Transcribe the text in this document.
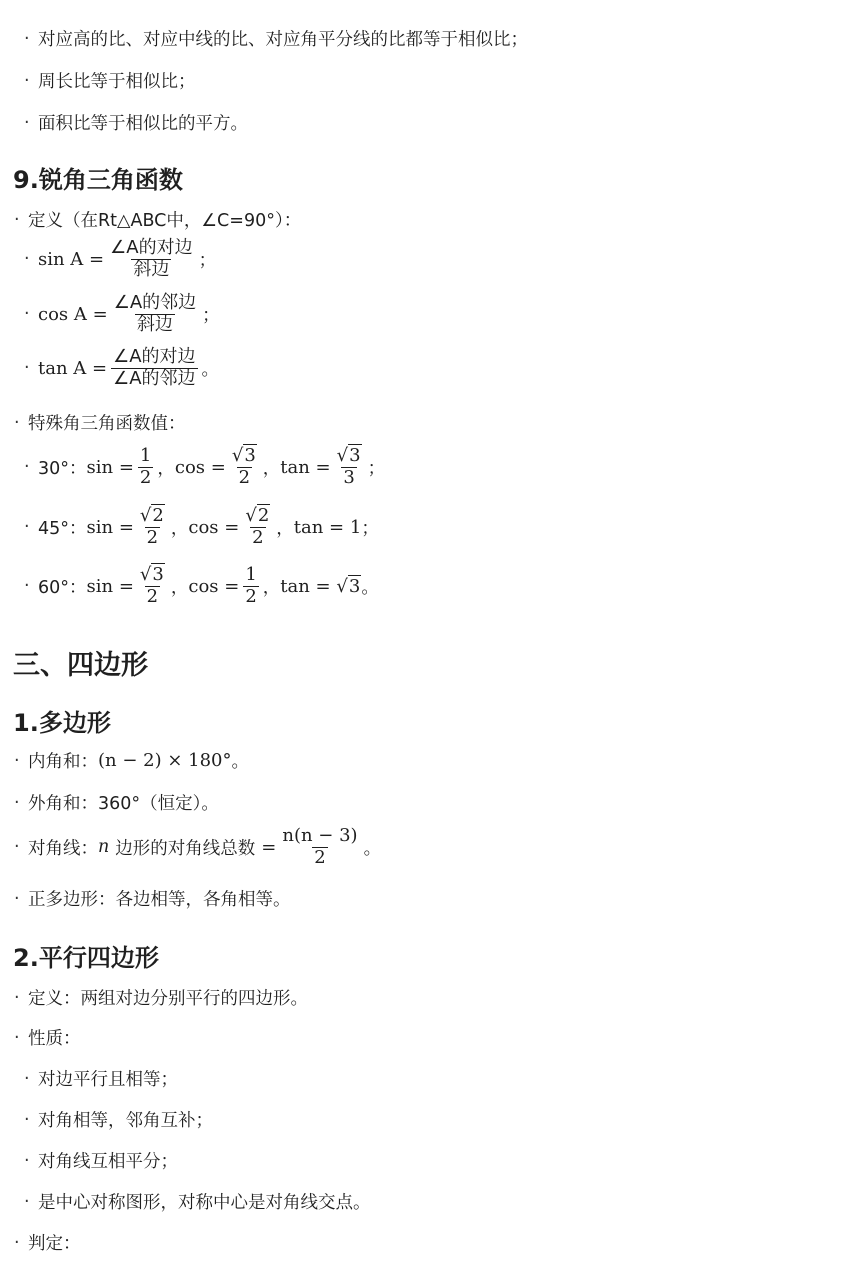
· 对应高的比、对应中线的比、对应角平分线的比都等于相似比；
· 周长比等于相似比；
· 面积比等于相似比的平方。
9.锐角三角函数
· 定义（在Rt△ABC中，∠C=90°）：
· $\sin A = \frac{\text{∠A的对边}}{\text{斜边}}$ ；
· $\cos A = \frac{\text{∠A的邻边}}{\text{斜边}}$ ；
· $\tan A = \frac{\text{∠A的对边}}{\text{∠A的邻边}}$ 。
· 特殊角三角函数值：
· 30°： $\sin = \frac{1}{2}$ ， $\cos = \frac{√3}{2}$ ， $\tan = \frac{√3}{3}$ ；
· 45°： $\sin = \frac{√2}{2}$ ， $\cos = \frac{√2}{2}$ ， tan = 1 ；
· 60°： $\sin = \frac{√3}{2}$ ， $\cos = \frac{1}{2}$ ， tan = √3 。
三、四边形
1.多边形
· 内角和： (n − 2) × 180° 。
· 外角和：360°（恒定）。
· 对角线： n 边形的对角线总数 = $\frac{n(n - 3)}{2}$ 。
· 正多边形：各边相等，各角相等。
2.平行四边形
· 定义：两组对边分别平行的四边形。
· 性质：
· 对边平行且相等；
· 对角相等，邻角互补；
· 对角线互相平分；
· 是中心对称图形，对称中心是对角线交点。
· 判定：
